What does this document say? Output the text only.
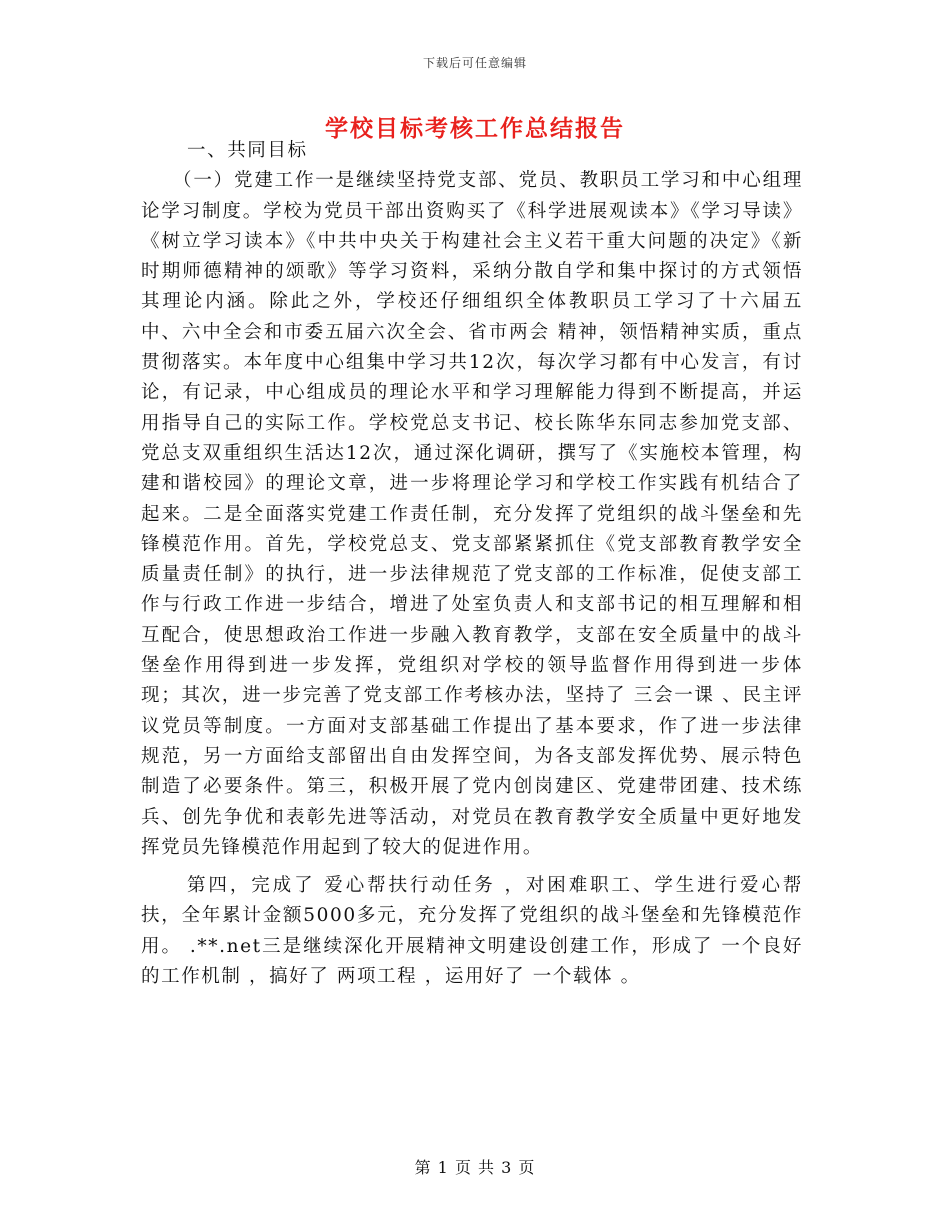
下载后可任意编辑
学校目标考核工作总结报告

一、共同目标

（一）党建工作一是继续坚持党支部、党员、教职员工学习和中心组理论学习制度。学校为党员干部出资购买了《科学进展观读本》《学习导读》《树立学习读本》《中共中央关于构建社会主义若干重大问题的决定》《新时期师德精神的颂歌》等学习资料，采纳分散自学和集中探讨的方式领悟其理论内涵。除此之外，学校还仔细组织全体教职员工学习了十六届五中、六中全会和市委五届六次全会、省市两会 精神，领悟精神实质，重点贯彻落实。本年度中心组集中学习共12次，每次学习都有中心发言，有讨论，有记录，中心组成员的理论水平和学习理解能力得到不断提高，并运用指导自己的实际工作。学校党总支书记、校长陈华东同志参加党支部、党总支双重组织生活达12次，通过深化调研，撰写了《实施校本管理，构建和谐校园》的理论文章，进一步将理论学习和学校工作实践有机结合了起来。二是全面落实党建工作责任制，充分发挥了党组织的战斗堡垒和先锋模范作用。首先，学校党总支、党支部紧紧抓住《党支部教育教学安全质量责任制》的执行，进一步法律规范了党支部的工作标准，促使支部工作与行政工作进一步结合，增进了处室负责人和支部书记的相互理解和相互配合，使思想政治工作进一步融入教育教学，支部在安全质量中的战斗堡垒作用得到进一步发挥，党组织对学校的领导监督作用得到进一步体现；其次，进一步完善了党支部工作考核办法，坚持了 三会一课 、民主评议党员等制度。一方面对支部基础工作提出了基本要求，作了进一步法律规范，另一方面给支部留出自由发挥空间，为各支部发挥优势、展示特色制造了必要条件。第三，积极开展了党内创岗建区、党建带团建、技术练兵、创先争优和表彰先进等活动，对党员在教育教学安全质量中更好地发挥党员先锋模范作用起到了较大的促进作用。

第四，完成了 爱心帮扶行动任务 ，对困难职工、学生进行爱心帮扶，全年累计金额5000多元，充分发挥了党组织的战斗堡垒和先锋模范作用。 .**.net三是继续深化开展精神文明建设创建工作，形成了 一个良好的工作机制 ，搞好了 两项工程 ，运用好了 一个载体 。

第 1 页 共 3 页
